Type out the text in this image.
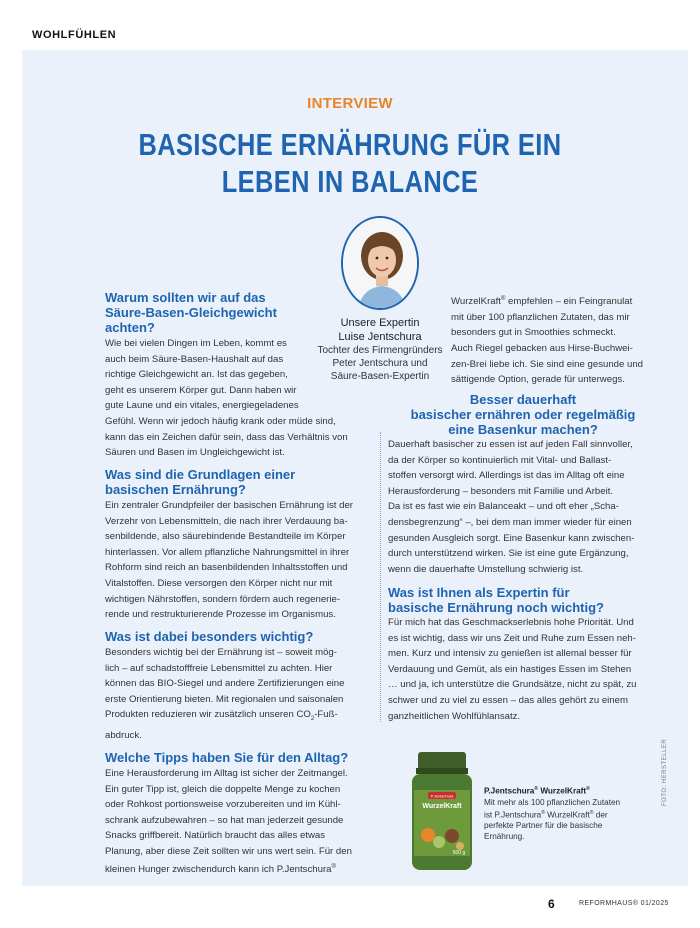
WOHLFÜHLEN
INTERVIEW
BASISCHE ERNÄHRUNG FÜR EIN
LEBEN IN BALANCE
Unsere Expertin
Luise Jentschura
Tochter des Firmengründers
Peter Jentschura und
Säure-Basen-Expertin
Warum sollten wir auf das
Säure-Basen-Gleichgewicht
achten?
Wie bei vielen Dingen im Leben, kommt es
auch beim Säure-Basen-Haushalt auf das
richtige Gleichgewicht an. Ist das gegeben,
geht es unserem Körper gut. Dann haben wir
gute Laune und ein vitales, energiegeladenes
Gefühl. Wenn wir jedoch häufig krank oder müde sind,
kann das ein Zeichen dafür sein, dass das Verhältnis von
Säuren und Basen im Ungleichgewicht ist.
Was sind die Grundlagen einer
basischen Ernährung?
Ein zentraler Grundpfeiler der basischen Ernährung ist der
Verzehr von Lebensmitteln, die nach ihrer Verdauung ba-
senbildende, also säurebindende Bestandteile im Körper
hinterlassen. Vor allem pflanzliche Nahrungsmittel in ihrer
Rohform sind reich an basenbildenden Inhaltsstoffen und
Vitalstoffen. Diese versorgen den Körper nicht nur mit
wichtigen Nährstoffen, sondern fördern auch regenerie-
rende und restrukturierende Prozesse im Organismus.
Was ist dabei besonders wichtig?
Besonders wichtig bei der Ernährung ist – soweit mög-
lich – auf schadstofffreie Lebensmittel zu achten. Hier
können das BIO-Siegel und andere Zertifizierungen eine
erste Orientierung bieten. Mit regionalen und saisonalen
Produkten reduzieren wir zusätzlich unseren $CO_2-Fuß-$
abdruck.
Welche Tipps haben Sie für den Alltag?
Eine Herausforderung im Alltag ist sicher der Zeitmangel.
Ein guter Tipp ist, gleich die doppelte Menge zu kochen
oder Rohkost portionsweise vorzubereiten und im Kühl-
schrank aufzubewahren – so hat man jederzeit gesunde
Snacks griffbereit. Natürlich braucht das alles etwas
Planung, aber diese Zeit sollten wir uns wert sein. Für den
kleinen Hunger zwischendurch kann ich P.Jentschura®
WurzelKraft® empfehlen – ein Feingranulat
mit über 100 pflanzlichen Zutaten, das mir
besonders gut in Smoothies schmeckt.
Auch Riegel gebacken aus Hirse-Buchwei-
zen-Brei liebe ich. Sie sind eine gesunde und
sättigende Option, gerade für unterwegs.
Besser dauerhaft
basischer ernähren oder regelmäßig
eine Basenkur machen?
Dauerhaft basischer zu essen ist auf jeden Fall sinnvoller,
da der Körper so kontinuierlich mit Vital- und Ballast-
stoffen versorgt wird. Allerdings ist das im Alltag oft eine
Herausforderung – besonders mit Familie und Arbeit.
Da ist es fast wie ein Balanceakt – und oft eher „Scha-
densbegrenzung“ –, bei dem man immer wieder für einen
gesunden Ausgleich sorgt. Eine Basenkur kann zwischen-
durch unterstützend wirken. Sie ist eine gute Ergänzung,
wenn die dauerhafte Umstellung schwierig ist.
Was ist Ihnen als Expertin für
basische Ernährung noch wichtig?
Für mich hat das Geschmackserlebnis hohe Priorität. Und
es ist wichtig, dass wir uns Zeit und Ruhe zum Essen neh-
men. Kurz und intensiv zu genießen ist allemal besser für
Verdauung und Gemüt, als ein hastiges Essen im Stehen
… und ja, ich unterstütze die Grundsätze, nicht zu spät, zu
schwer und zu viel zu essen – das alles gehört zu einem
ganzheitlichen Wohlfühlansatz.
P.Jentschura
WurzelKraft
500 g
P.Jentschura® WurzelKraft®
Mit mehr als 100 pflanzlichen Zutaten
ist P.Jentschura® WurzelKraft® der
perfekte Partner für die basische
Ernährung.
FOTO: HERSTELLER
6	REFORMHAUS® 01/2025
